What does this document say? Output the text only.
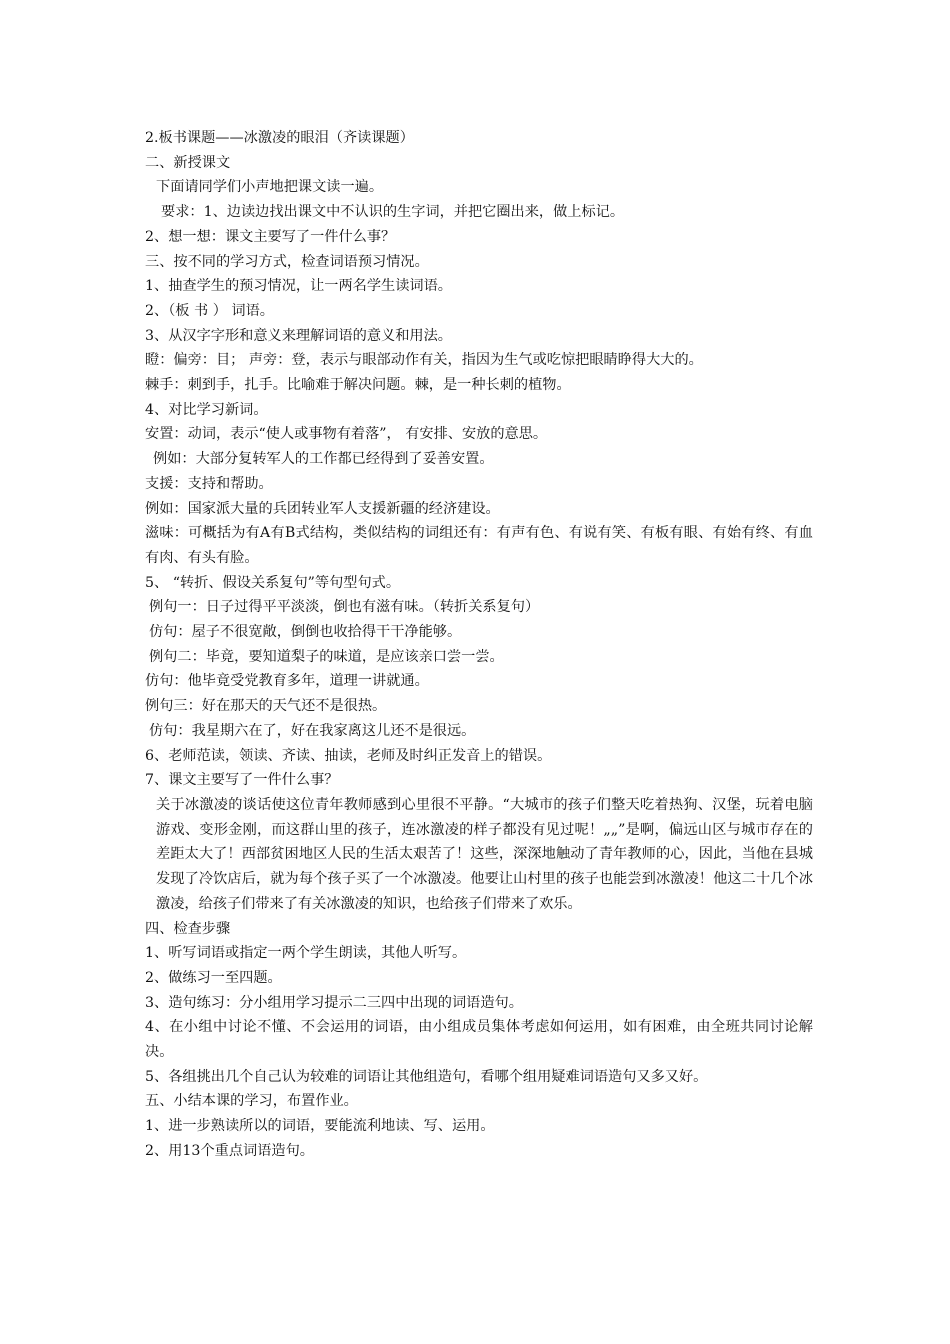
2.板书课题——冰激凌的眼泪（齐读课题）
二、新授课文
下面请同学们小声地把课文读一遍。
要求：1、边读边找出课文中不认识的生字词，并把它圈出来，做上标记。
2、想一想：课文主要写了一件什么事？
三、按不同的学习方式，检查词语预习情况。
1、抽查学生的预习情况，让一两名学生读词语。
2、（板 书 ） 词语。
3、从汉字字形和意义来理解词语的意义和用法。
瞪：偏旁：目； 声旁：登，表示与眼部动作有关，指因为生气或吃惊把眼睛睁得大大的。
棘手：刺到手，扎手。比喻难于解决问题。棘，是一种长刺的植物。
4、对比学习新词。
安置：动词，表示“使人或事物有着落”， 有安排、安放的意思。
例如：大部分复转军人的工作都已经得到了妥善安置。
支援：支持和帮助。
例如：国家派大量的兵团转业军人支援新疆的经济建设。
滋味：可概括为有A有B式结构，类似结构的词组还有：有声有色、有说有笑、有板有眼、有始有终、有血有肉、有头有脸。
5、 “转折、假设关系复句”等句型句式。
例句一：日子过得平平淡淡，倒也有滋有味。（转折关系复句）
仿句：屋子不很宽敞，倒倒也收拾得干干净能够。
例句二：毕竟，要知道梨子的味道，是应该亲口尝一尝。
仿句：他毕竟受党教育多年，道理一讲就通。
例句三：好在那天的天气还不是很热。
仿句：我星期六在了，好在我家离这儿还不是很远。
6、老师范读，领读、齐读、抽读，老师及时纠正发音上的错误。
7、课文主要写了一件什么事？
关于冰激凌的谈话使这位青年教师感到心里很不平静。“大城市的孩子们整天吃着热狗、汉堡，玩着电脑游戏、变形金刚，而这群山里的孩子，连冰激凌的样子都没有见过呢！„„”是啊，偏远山区与城市存在的差距太大了！西部贫困地区人民的生活太艰苦了！这些，深深地触动了青年教师的心，因此，当他在县城发现了冷饮店后，就为每个孩子买了一个冰激凌。他要让山村里的孩子也能尝到冰激凌！他这二十几个冰激凌，给孩子们带来了有关冰激凌的知识，也给孩子们带来了欢乐。
四、检查步骤
1、听写词语或指定一两个学生朗读，其他人听写。
2、做练习一至四题。
3、造句练习：分小组用学习提示二三四中出现的词语造句。
4、在小组中讨论不懂、不会运用的词语，由小组成员集体考虑如何运用，如有困难，由全班共同讨论解决。
5、各组挑出几个自己认为较难的词语让其他组造句，看哪个组用疑难词语造句又多又好。
五、小结本课的学习，布置作业。
1、进一步熟读所以的词语，要能流利地读、写、运用。
2、用13个重点词语造句。
